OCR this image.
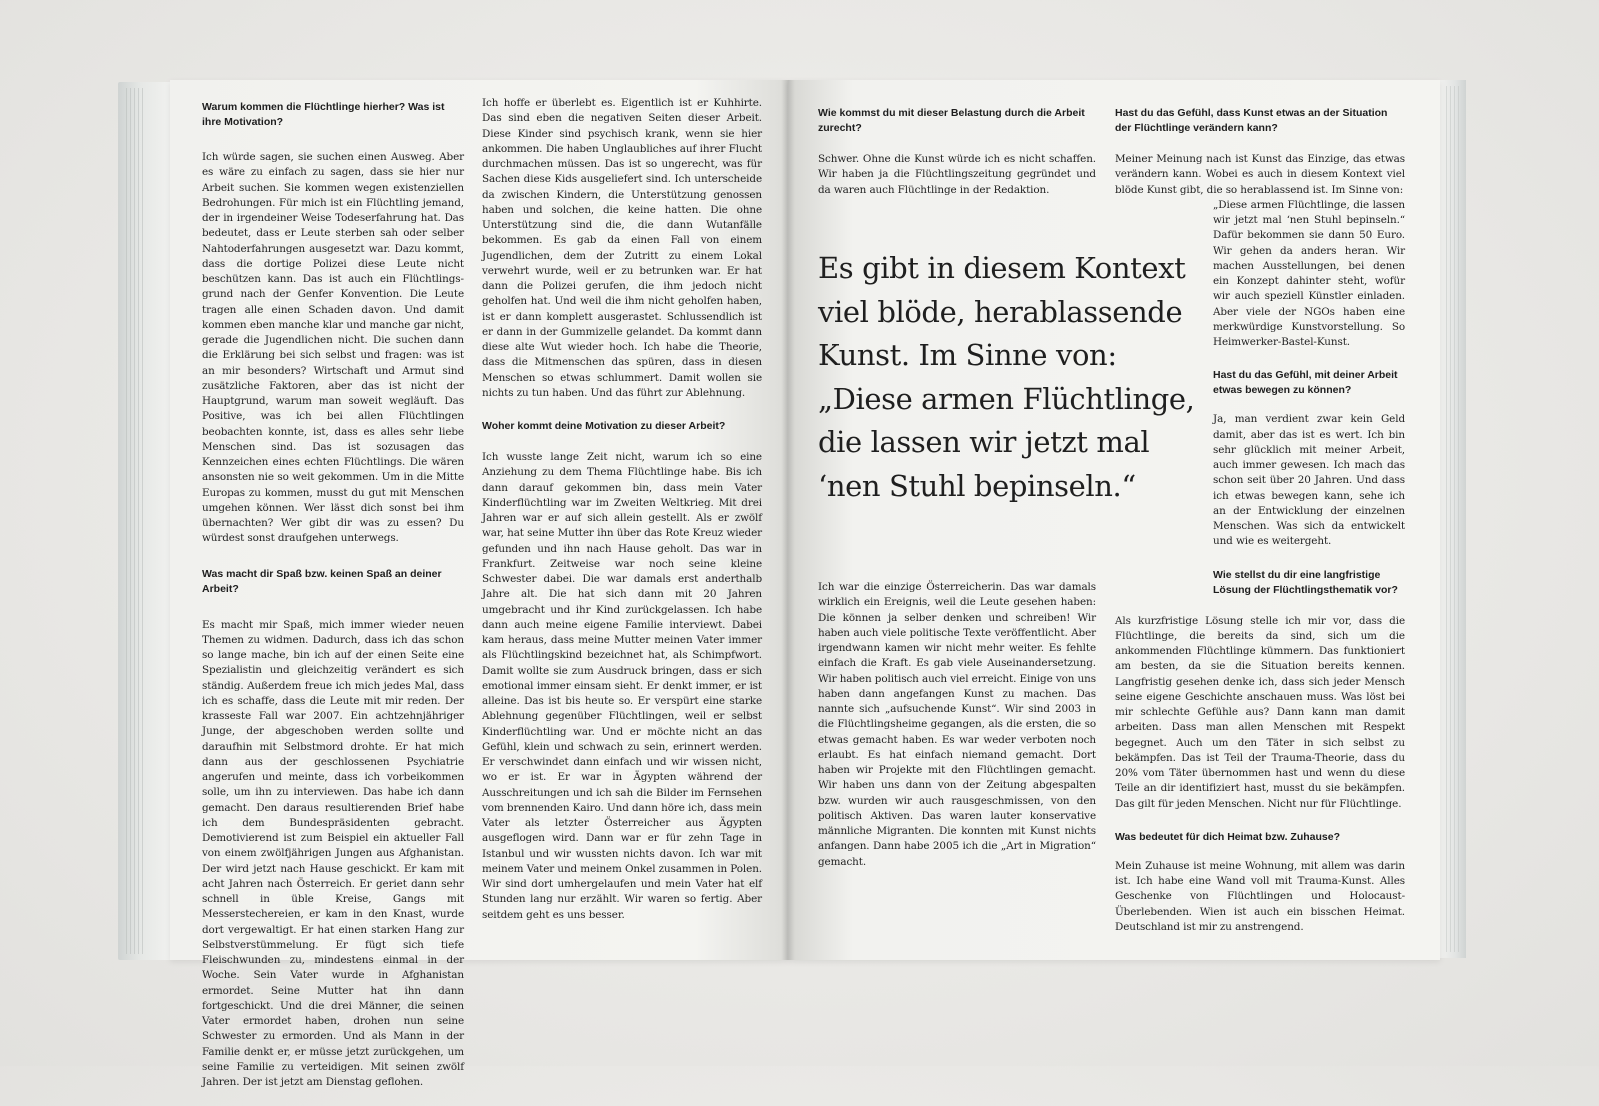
Warum kommen die Flüchtlinge hierher? Was ist ihre Motivation?
Ich würde sagen, sie suchen einen Ausweg. Aber es wäre zu einfach zu sagen, dass sie hier nur Arbeit suchen. Sie kommen wegen existenziellen Bedrohungen. Für mich ist ein Flüchtling jemand, der in irgendeiner Weise Todeserfahrung hat. Das bedeutet, dass er Leute sterben sah oder selber Nahtoderfahrungen ausgesetzt war. Dazu kommt, dass die dortige Polizei diese Leute nicht beschützen kann. Das ist auch ein Flüchtlingsgrund nach der Genfer Konvention. Die Leute tragen alle einen Schaden davon. Und damit kommen eben manche klar und manche gar nicht, gerade die Jugendlichen nicht. Die suchen dann die Erklärung bei sich selbst und fragen: was ist an mir besonders? Wirtschaft und Armut sind zusätzliche Faktoren, aber das ist nicht der Hauptgrund, warum man soweit wegläuft. Das Positive, was ich bei allen Flüchtlingen beobachten konnte, ist, dass es alles sehr liebe Menschen sind. Das ist sozusagen das Kennzeichen eines echten Flüchtlings. Die wären ansonsten nie so weit gekommen. Um in die Mitte Europas zu kommen, musst du gut mit Menschen umgehen können. Wer lässt dich sonst bei ihm übernachten? Wer gibt dir was zu essen? Du würdest sonst draufgehen unterwegs.
Was macht dir Spaß bzw. keinen Spaß an deiner Arbeit?
Es macht mir Spaß, mich immer wieder neuen Themen zu widmen. Dadurch, dass ich das schon so lange mache, bin ich auf der einen Seite eine Spezialistin und gleichzeitig verändert es sich ständig. Außerdem freue ich mich jedes Mal, dass ich es schaffe, dass die Leute mit mir reden. Der krasseste Fall war 2007. Ein achtzehnjähriger Junge, der abgeschoben werden sollte und daraufhin mit Selbstmord drohte. Er hat mich dann aus der geschlossenen Psychiatrie angerufen und meinte, dass ich vorbeikommen solle, um ihn zu interviewen. Das habe ich dann gemacht. Den daraus resultierenden Brief habe ich dem Bundespräsidenten gebracht. Demotivierend ist zum Beispiel ein aktueller Fall von einem zwölfjährigen Jungen aus Afghanistan. Der wird jetzt nach Hause geschickt. Er kam mit acht Jahren nach Österreich. Er geriet dann sehr schnell in üble Kreise, Gangs mit Messerstechereien, er kam in den Knast, wurde dort vergewaltigt. Er hat einen starken Hang zur Selbstverstümmelung. Er fügt sich tiefe Fleischwunden zu, mindestens einmal in der Woche. Sein Vater wurde in Afghanistan ermordet. Seine Mutter hat ihn dann fortgeschickt. Und die drei Männer, die seinen Vater ermordet haben, drohen nun seine Schwester zu ermorden. Und als Mann in der Familie denkt er, er müsse jetzt zurückgehen, um seine Familie zu verteidigen. Mit seinen zwölf Jahren. Der ist jetzt am Dienstag geflohen.
Ich hoffe er überlebt es. Eigentlich ist er Kuhhirte. Das sind eben die negativen Seiten dieser Arbeit. Diese Kinder sind psychisch krank, wenn sie hier ankommen. Die haben Unglaubliches auf ihrer Flucht durchmachen müssen. Das ist so ungerecht, was für Sachen diese Kids ausgeliefert sind. Ich unterscheide da zwischen Kindern, die Unterstützung genossen haben und solchen, die keine hatten. Die ohne Unterstützung sind die, die dann Wutanfälle bekommen. Es gab da einen Fall von einem Jugendlichen, dem der Zutritt zu einem Lokal verwehrt wurde, weil er zu betrunken war. Er hat dann die Polizei gerufen, die ihm jedoch nicht geholfen hat. Und weil die ihm nicht geholfen haben, ist er dann komplett ausgerastet. Schlussendlich ist er dann in der Gummizelle gelandet. Da kommt dann diese alte Wut wieder hoch. Ich habe die Theorie, dass die Mitmenschen das spüren, dass in diesen Menschen so etwas schlummert. Damit wollen sie nichts zu tun haben. Und das führt zur Ablehnung.
Woher kommt deine Motivation zu dieser Arbeit?
Ich wusste lange Zeit nicht, warum ich so eine Anziehung zu dem Thema Flüchtlinge habe. Bis ich dann darauf gekommen bin, dass mein Vater Kinderflüchtling war im Zweiten Weltkrieg. Mit drei Jahren war er auf sich allein gestellt. Als er zwölf war, hat seine Mutter ihn über das Rote Kreuz wieder gefunden und ihn nach Hause geholt. Das war in Frankfurt. Zeitweise war noch seine kleine Schwester dabei. Die war damals erst anderthalb Jahre alt. Die hat sich dann mit 20 Jahren umgebracht und ihr Kind zurückgelassen. Ich habe dann auch meine eigene Familie interviewt. Dabei kam heraus, dass meine Mutter meinen Vater immer als Flüchtlingskind bezeichnet hat, als Schimpfwort. Damit wollte sie zum Ausdruck bringen, dass er sich emotional immer einsam sieht. Er denkt immer, er ist alleine. Das ist bis heute so. Er verspürt eine starke Ablehnung gegenüber Flüchtlingen, weil er selbst Kinderflüchtling war. Und er möchte nicht an das Gefühl, klein und schwach zu sein, erinnert werden. Er verschwindet dann einfach und wir wissen nicht, wo er ist. Er war in Ägypten während der Ausschreitungen und ich sah die Bilder im Fernsehen vom brennenden Kairo. Und dann höre ich, dass mein Vater als letzter Österreicher aus Ägypten ausgeflogen wird. Dann war er für zehn Tage in Istanbul und wir wussten nichts davon. Ich war mit meinem Vater und meinem Onkel zusammen in Polen. Wir sind dort umhergelaufen und mein Vater hat elf Stunden lang nur erzählt. Wir waren so fertig. Aber seitdem geht es uns besser.
Wie kommst du mit dieser Belastung durch die Arbeit zurecht?
Schwer. Ohne die Kunst würde ich es nicht schaffen. Wir haben ja die Flüchtlingszeitung gegründet und da waren auch Flüchtlinge in der Redaktion.
Es gibt in diesem Kontext viel blöde, herablassende Kunst. Im Sinne von: „Diese armen Flüchtlinge, die lassen wir jetzt mal ‘nen Stuhl bepinseln.“
Ich war die einzige Österreicherin. Das war damals wirklich ein Ereignis, weil die Leute gesehen haben: Die können ja selber denken und schreiben! Wir haben auch viele politische Texte veröffentlicht. Aber irgendwann kamen wir nicht mehr weiter. Es fehlte einfach die Kraft. Es gab viele Auseinandersetzung. Wir haben politisch auch viel erreicht. Einige von uns haben dann angefangen Kunst zu machen. Das nannte sich „aufsuchende Kunst“. Wir sind 2003 in die Flüchtlingsheime gegangen, als die ersten, die so etwas gemacht haben. Es war weder verboten noch erlaubt. Es hat einfach niemand gemacht. Dort haben wir Projekte mit den Flüchtlingen gemacht. Wir haben uns dann von der Zeitung abgespalten bzw. wurden wir auch rausgeschmissen, von den politisch Aktiven. Das waren lauter konservative männliche Migranten. Die konnten mit Kunst nichts anfangen. Dann habe 2005 ich die „Art in Migration“ gemacht.
Hast du das Gefühl, dass Kunst etwas an der Situation der Flüchtlinge verändern kann?
Meiner Meinung nach ist Kunst das Einzige, das etwas verändern kann. Wobei es auch in diesem Kontext viel blöde Kunst gibt, die so herablassend ist. Im Sinne von:
„Diese armen Flüchtlinge, die lassen wir jetzt mal ‘nen Stuhl bepinseln.“ Dafür bekommen sie dann 50 Euro. Wir gehen da anders heran. Wir machen Ausstellungen, bei denen ein Konzept dahinter steht, wofür wir auch speziell Künstler einladen. Aber viele der NGOs haben eine merkwürdige Kunstvorstellung. So Heimwerker-Bastel-Kunst.
Hast du das Gefühl, mit deiner Arbeit etwas bewegen zu können?
Ja, man verdient zwar kein Geld damit, aber das ist es wert. Ich bin sehr glücklich mit meiner Arbeit, auch immer gewesen. Ich mach das schon seit über 20 Jahren. Und dass ich etwas bewegen kann, sehe ich an der Entwicklung der einzelnen Menschen. Was sich da entwickelt und wie es weitergeht.
Wie stellst du dir eine langfristige Lösung der Flüchtlingsthematik vor?
Als kurzfristige Lösung stelle ich mir vor, dass die Flüchtlinge, die bereits da sind, sich um die ankommenden Flüchtlinge kümmern. Das funktioniert am besten, da sie die Situation bereits kennen. Langfristig gesehen denke ich, dass sich jeder Mensch seine eigene Geschichte anschauen muss. Was löst bei mir schlechte Gefühle aus? Dann kann man damit arbeiten. Dass man allen Menschen mit Respekt begegnet. Auch um den Täter in sich selbst zu bekämpfen. Das ist Teil der Trauma-Theorie, dass du 20% vom Täter übernommen hast und wenn du diese Teile an dir identifiziert hast, musst du sie bekämpfen. Das gilt für jeden Menschen. Nicht nur für Flüchtlinge.
Was bedeutet für dich Heimat bzw. Zuhause?
Mein Zuhause ist meine Wohnung, mit allem was darin ist. Ich habe eine Wand voll mit Trauma-Kunst. Alles Geschenke von Flüchtlingen und Holocaust-Überlebenden. Wien ist auch ein bisschen Heimat. Deutschland ist mir zu anstrengend.
